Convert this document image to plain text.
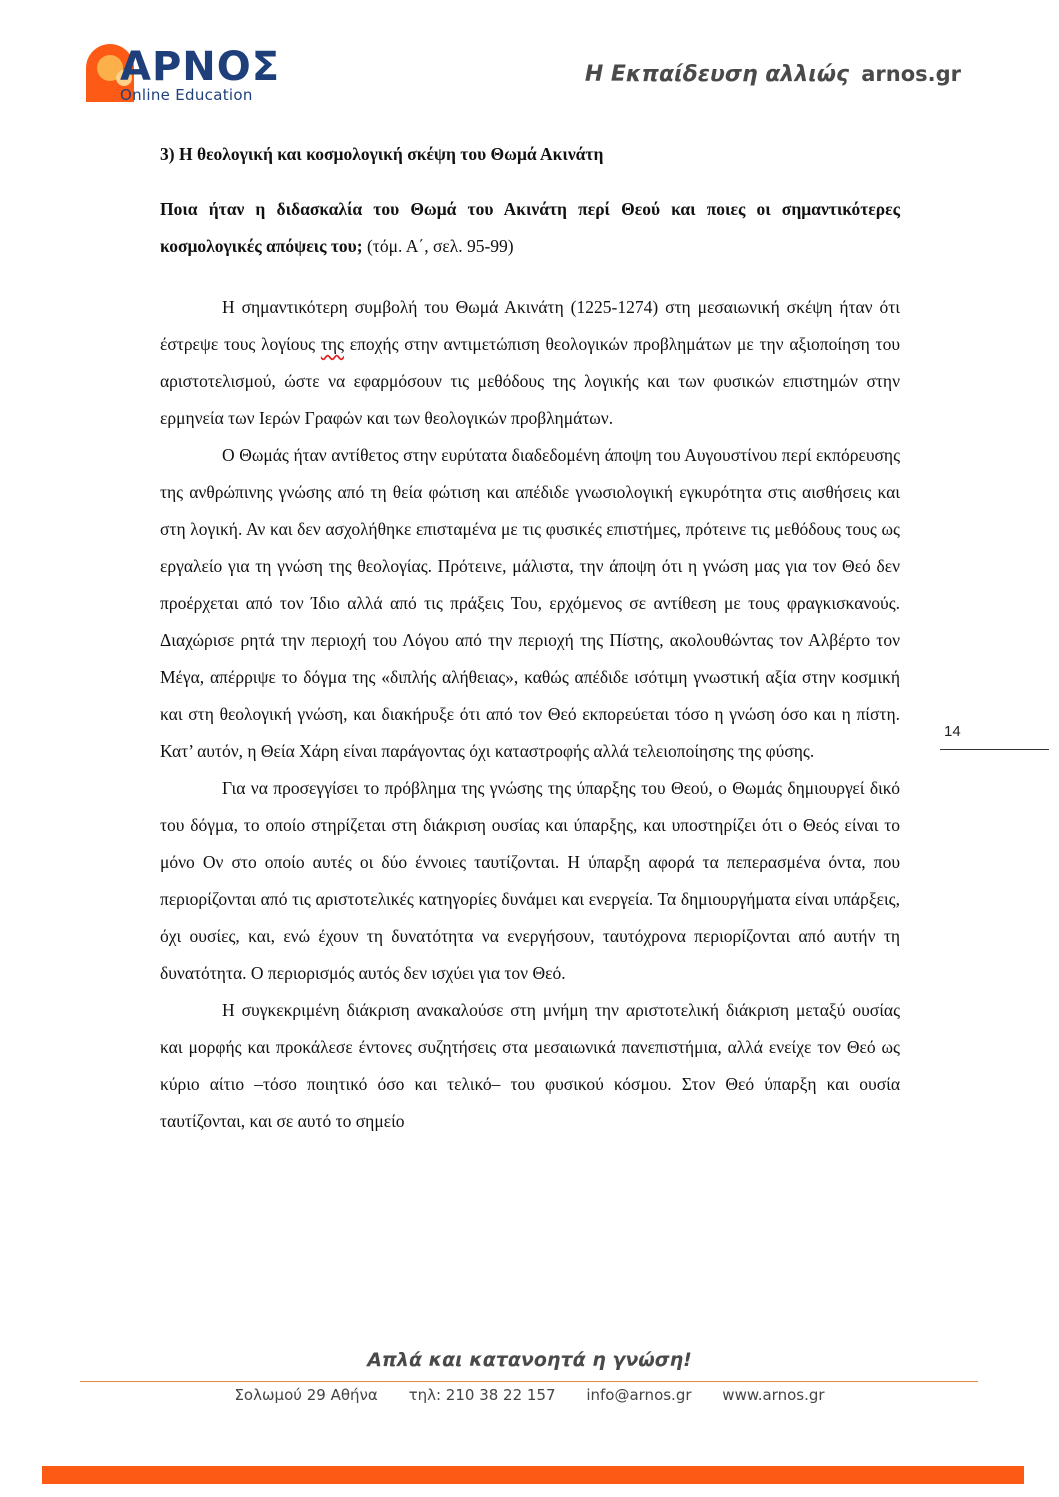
ΑΡΝΟΣ
Online Education
Η Εκπαίδευση αλλιώς arnos.gr

3) Η θεολογική και κοσμολογική σκέψη του Θωμά Ακινάτη

Ποια ήταν η διδασκαλία του Θωμά του Ακινάτη περί Θεού και ποιες οι σημαντικότερες κοσμολογικές απόψεις του; (τόμ. Α΄, σελ. 95-99)

Η σημαντικότερη συμβολή του Θωμά Ακινάτη (1225-1274) στη μεσαιωνική σκέψη ήταν ότι έστρεψε τους λογίους της εποχής στην αντιμετώπιση θεολογικών προβλημάτων με την αξιοποίηση του αριστοτελισμού, ώστε να εφαρμόσουν τις μεθόδους της λογικής και των φυσικών επιστημών στην ερμηνεία των Ιερών Γραφών και των θεολογικών προβλημάτων.

Ο Θωμάς ήταν αντίθετος στην ευρύτατα διαδεδομένη άποψη του Αυγουστίνου περί εκπόρευσης της ανθρώπινης γνώσης από τη θεία φώτιση και απέδιδε γνωσιολογική εγκυρότητα στις αισθήσεις και στη λογική. Αν και δεν ασχολήθηκε επισταμένα με τις φυσικές επιστήμες, πρότεινε τις μεθόδους τους ως εργαλείο για τη γνώση της θεολογίας. Πρότεινε, μάλιστα, την άποψη ότι η γνώση μας για τον Θεό δεν προέρχεται από τον Ίδιο αλλά από τις πράξεις Του, ερχόμενος σε αντίθεση με τους φραγκισκανούς. Διαχώρισε ρητά την περιοχή του Λόγου από την περιοχή της Πίστης, ακολουθώντας τον Αλβέρτο τον Μέγα, απέρριψε το δόγμα της «διπλής αλήθειας», καθώς απέδιδε ισότιμη γνωστική αξία στην κοσμική και στη θεολογική γνώση, και διακήρυξε ότι από τον Θεό εκπορεύεται τόσο η γνώση όσο και η πίστη. Κατ’ αυτόν, η Θεία Χάρη είναι παράγοντας όχι καταστροφής αλλά τελειοποίησης της φύσης.

Για να προσεγγίσει το πρόβλημα της γνώσης της ύπαρξης του Θεού, ο Θωμάς δημιουργεί δικό του δόγμα, το οποίο στηρίζεται στη διάκριση ουσίας και ύπαρξης, και υποστηρίζει ότι ο Θεός είναι το μόνο Ον στο οποίο αυτές οι δύο έννοιες ταυτίζονται. Η ύπαρξη αφορά τα πεπερασμένα όντα, που περιορίζονται από τις αριστοτελικές κατηγορίες δυνάμει και ενεργεία. Τα δημιουργήματα είναι υπάρξεις, όχι ουσίες, και, ενώ έχουν τη δυνατότητα να ενεργήσουν, ταυτόχρονα περιορίζονται από αυτήν τη δυνατότητα. Ο περιορισμός αυτός δεν ισχύει για τον Θεό.

Η συγκεκριμένη διάκριση ανακαλούσε στη μνήμη την αριστοτελική διάκριση μεταξύ ουσίας και μορφής και προκάλεσε έντονες συζητήσεις στα μεσαιωνικά πανεπιστήμια, αλλά ενείχε τον Θεό ως κύριο αίτιο –τόσο ποιητικό όσο και τελικό– του φυσικού κόσμου. Στον Θεό ύπαρξη και ουσία ταυτίζονται, και σε αυτό το σημείο

14
Απλά και κατανοητά η γνώση!
Σολωμού 29 Αθήνα τηλ: 210 38 22 157 info@arnos.gr www.arnos.gr
